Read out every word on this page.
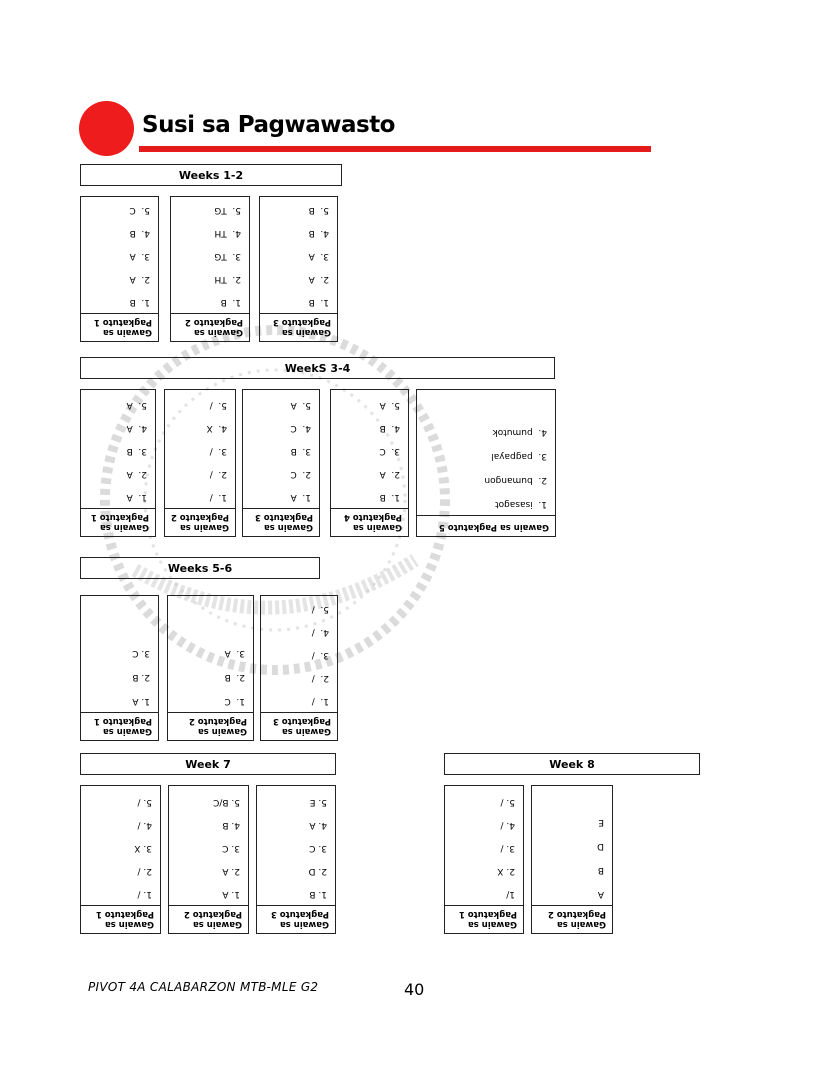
Susi sa Pagwawasto
Weeks 1-2
WeekS 3-4
Weeks 5-6
Week 7	Week 8
Gawain sa
Pagkatuto 1
1.  B
2.  A
3.  A
4.  B
5.  C
Gawain sa
Pagkatuto 2
1.  B
2.  TH
3.  TG
4.  TH
5.  TG
Gawain sa
Pagkatuto 3
1.  B
2.  A
3.  A
4.  B
5.  B
Gawain sa
Pagkatuto 1
1.  A
2.  A
3.  B
4.  A
5.  A
Gawain sa
Pagkatuto 2
1.  /
2.  /
3.  /
4.  X
5.  /
Gawain sa
Pagkatuto 3
1.  A
2.  C
3.  B
4.  C
5.  A
Gawain sa
Pagkatuto 4
1.  B
2.  A
3.  C
4.  B
5.  A
Gawain sa Pagkatuto 5
1.  isasagot
2.  bumangon
3.  pagpayal
4.  pumutok
Gawain sa
Pagkatuto 1
1. A
2. B
3. C
Gawain sa
Pagkatuto 2
1.  C
2.  B
3.  A
Gawain sa
Pagkatuto 3
1.  /
2.  /
3.  /
4.  /
5.  /
Gawain sa
Pagkatuto 1
1. /
2. /
3. X
4. /
5. /
Gawain sa
Pagkatuto 2
1. A
2. A
3. C
4. B
5. B/C
Gawain sa
Pagkatuto 3
1. B
2. D
3. C
4. A
5. E
Gawain sa
Pagkatuto 1
1/
2. X
3. /
4. /
5. /
Gawain sa
Pagkatuto 2
A
B
D
E
PIVOT 4A CALABARZON MTB-MLE G2	40
